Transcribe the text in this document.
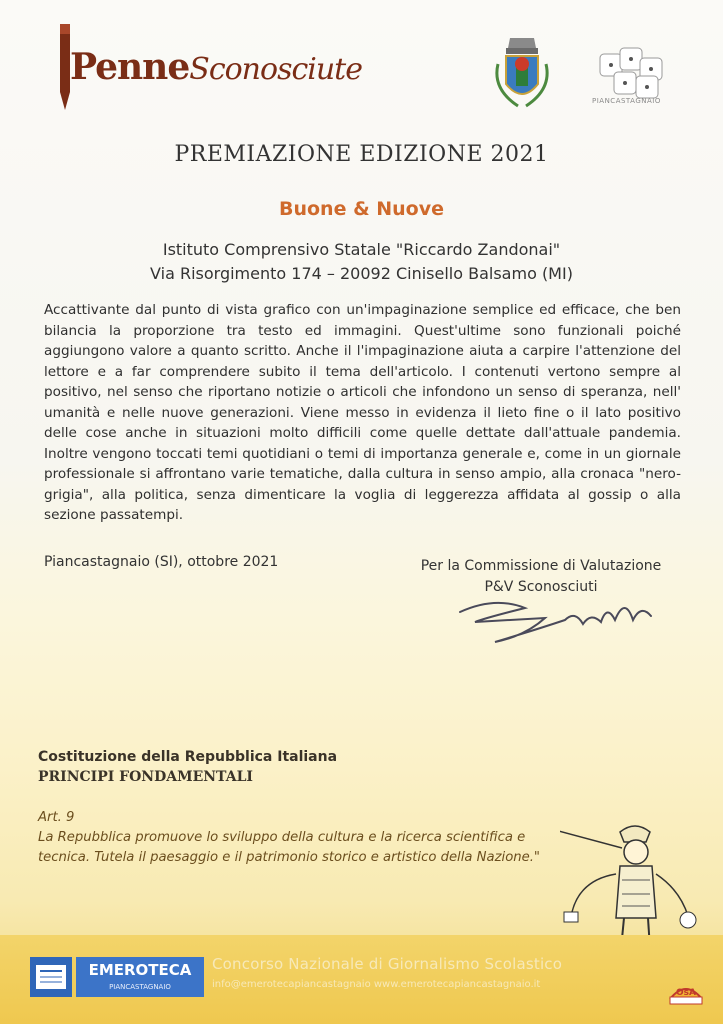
PenneSconosciute
PIANCASTAGNAIO
PREMIAZIONE EDIZIONE 2021
Buone & Nuove
Istituto Comprensivo Statale "Riccardo Zandonai"
Via Risorgimento 174 – 20092 Cinisello Balsamo (MI)
Accattivante dal punto di vista grafico con un'impaginazione semplice ed efficace, che ben bilancia la proporzione tra testo ed immagini. Quest'ultime sono funzionali poiché aggiungono valore a quanto scritto. Anche il l'impaginazione aiuta a carpire l'attenzione del lettore e a far comprendere subito il tema dell'articolo. I contenuti vertono sempre al positivo, nel senso che riportano notizie o articoli che infondono un senso di speranza, nell' umanità e nelle nuove generazioni. Viene messo in evidenza il lieto fine o il lato positivo delle cose anche in situazioni molto difficili come quelle dettate dall'attuale pandemia. Inoltre vengono toccati temi quotidiani o temi di importanza generale e, come in un giornale professionale si affrontano varie tematiche, dalla cultura in senso ampio, alla cronaca "nero-grigia", alla politica, senza dimenticare la voglia di leggerezza affidata al gossip o alla sezione passatempi.
Piancastagnaio (SI), ottobre 2021	Per la Commissione di Valutazione
P&V Sconosciuti
Costituzione della Repubblica Italiana
PRINCIPI FONDAMENTALI
Art. 9
La Repubblica promuove lo sviluppo della cultura e la ricerca scientifica e tecnica. Tutela il paesaggio e il patrimonio storico e artistico della Nazione."
EMEROTECA
PIANCASTAGNAIO
Concorso Nazionale di Giornalismo Scolastico
info@emerotecapiancastagnaio www.emerotecapiancastagnaio.it
OsA
